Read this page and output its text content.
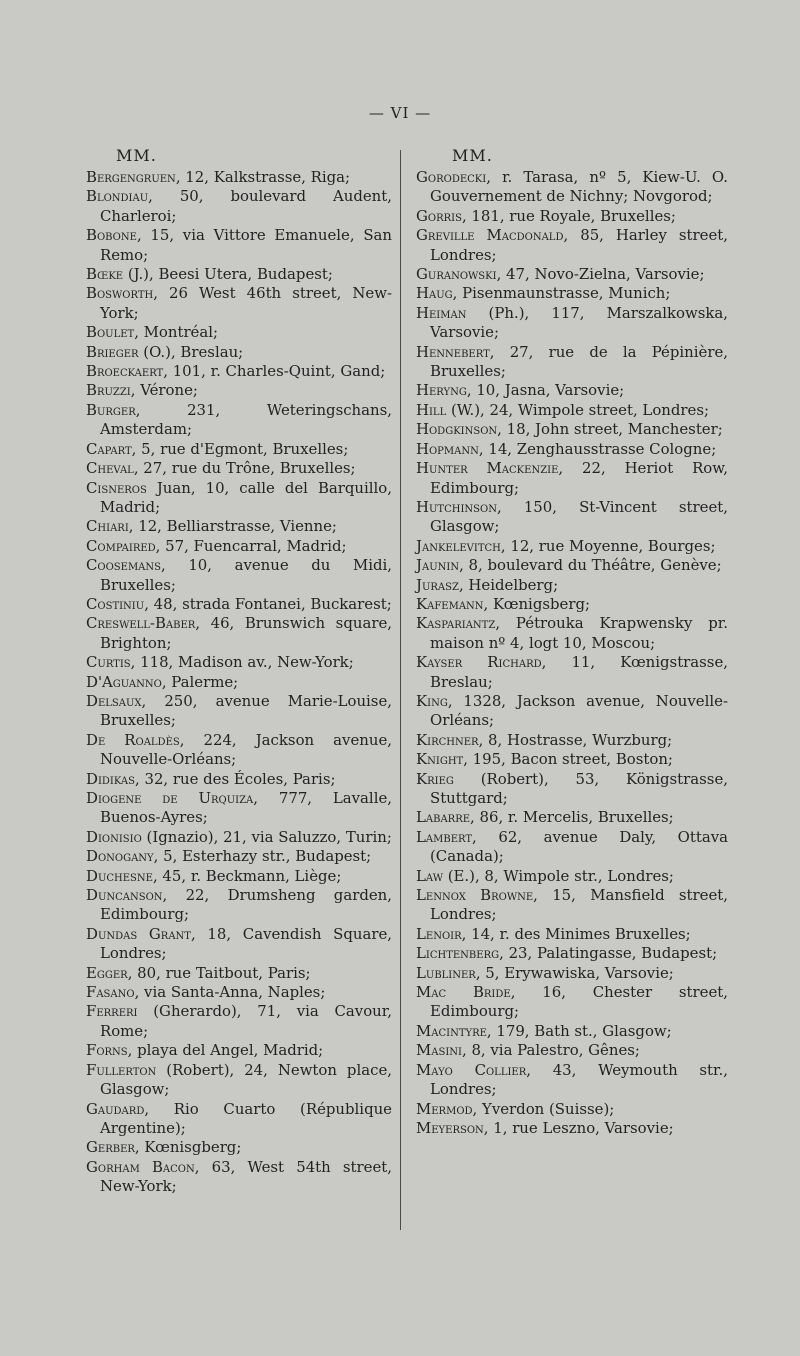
— VI —
MM.
Bergengruen, 12, Kalkstrasse, Riga;
Blondiau, 50, boulevard Audent, Charleroi;
Bobone, 15, via Vittore Emanuele, San Remo;
Bœke (J.), Beesi Utera, Budapest;
Bosworth, 26 West 46th street, New-York;
Boulet, Montréal;
Brieger (O.), Breslau;
Broeckaert, 101, r. Charles-Quint, Gand;
Bruzzi, Vérone;
Burger, 231, Weteringschans, Amsterdam;
Capart, 5, rue d'Egmont, Bruxelles;
Cheval, 27, rue du Trône, Bruxelles;
Cisneros Juan, 10, calle del Barquillo, Madrid;
Chiari, 12, Belliarstrasse, Vienne;
Compaired, 57, Fuencarral, Madrid;
Coosemans, 10, avenue du Midi, Bruxelles;
Costiniu, 48, strada Fontanei, Buckarest;
Creswell-Baber, 46, Brunswich square, Brighton;
Curtis, 118, Madison av., New-York;
D'Aguanno, Palerme;
Delsaux, 250, avenue Marie-Louise, Bruxelles;
De Roaldès, 224, Jackson avenue, Nouvelle-Orléans;
Didikas, 32, rue des Écoles, Paris;
Diogene de Urquiza, 777, Lavalle, Buenos-Ayres;
Dionisio (Ignazio), 21, via Saluzzo, Turin;
Donogany, 5, Esterhazy str., Budapest;
Duchesne, 45, r. Beckmann, Liège;
Duncanson, 22, Drumsheng garden, Edimbourg;
Dundas Grant, 18, Cavendish Square, Londres;
Egger, 80, rue Taitbout, Paris;
Fasano, via Santa-Anna, Naples;
Ferreri (Gherardo), 71, via Cavour, Rome;
Forns, playa del Angel, Madrid;
Fullerton (Robert), 24, Newton place, Glasgow;
Gaudard, Rio Cuarto (République Argentine);
Gerber, Kœnisgberg;
Gorham Bacon, 63, West 54th street, New-York;
MM.
Gorodecki, r. Tarasa, nº 5, Kiew-U. O. Gouvernement de Nichny; Novgorod;
Gorris, 181, rue Royale, Bruxelles;
Greville Macdonald, 85, Harley street, Londres;
Guranowski, 47, Novo-Zielna, Varsovie;
Haug, Pisenmaunstrasse, Munich;
Heiman (Ph.), 117, Marszalkowska, Varsovie;
Hennebert, 27, rue de la Pépinière, Bruxelles;
Heryng, 10, Jasna, Varsovie;
Hill (W.), 24, Wimpole street, Londres;
Hodgkinson, 18, John street, Manchester;
Hopmann, 14, Zenghausstrasse Cologne;
Hunter Mackenzie, 22, Heriot Row, Edimbourg;
Hutchinson, 150, St-Vincent street, Glasgow;
Jankelevitch, 12, rue Moyenne, Bourges;
Jaunin, 8, boulevard du Théâtre, Genève;
Jurasz, Heidelberg;
Kafemann, Kœnigsberg;
Kaspariantz, Pétrouka Krapwensky pr. maison nº 4, logt 10, Moscou;
Kayser Richard, 11, Kœnigstrasse, Breslau;
King, 1328, Jackson avenue, Nouvelle-Orléans;
Kirchner, 8, Hostrasse, Wurzburg;
Knight, 195, Bacon street, Boston;
Krieg (Robert), 53, Königstrasse, Stuttgard;
Labarre, 86, r. Mercelis, Bruxelles;
Lambert, 62, avenue Daly, Ottava (Canada);
Law (E.), 8, Wimpole str., Londres;
Lennox Browne, 15, Mansfield street, Londres;
Lenoir, 14, r. des Minimes Bruxelles;
Lichtenberg, 23, Palatingasse, Budapest;
Lubliner, 5, Erywawiska, Varsovie;
Mac Bride, 16, Chester street, Edimbourg;
Macintyre, 179, Bath st., Glasgow;
Masini, 8, via Palestro, Gênes;
Mayo Collier, 43, Weymouth str., Londres;
Mermod, Yverdon (Suisse);
Meyerson, 1, rue Leszno, Varsovie;
